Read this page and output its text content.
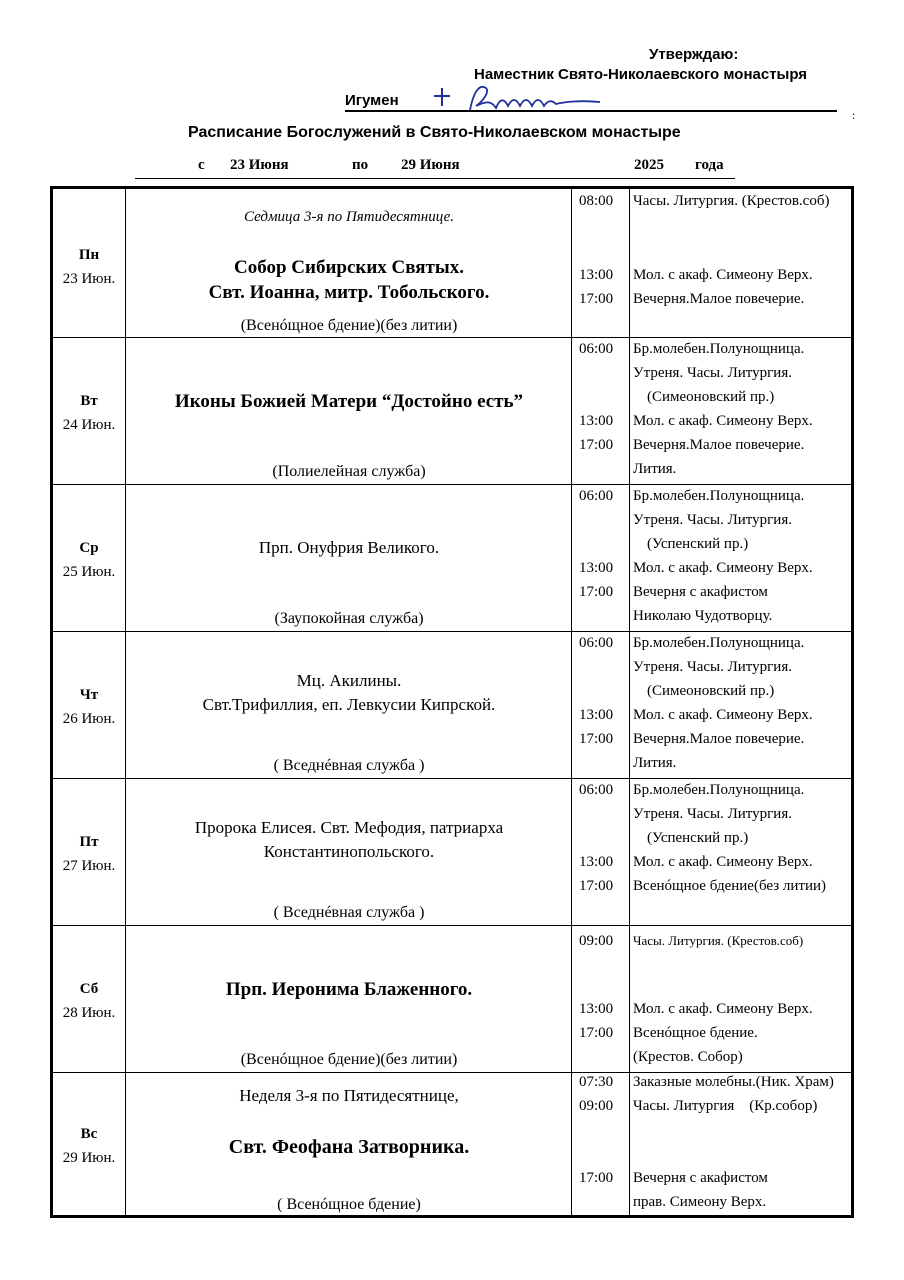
Утверждаю:
Наместник Свято-Николаевского монастыря
Игумен
:
Расписание Богослужений в Свято-Николаевском монастыре
с 23 Июня	по 29 Июня	2025 года
Пн
23 Июн.
Седмица 3-я по Пятидесятнице.
Собор Сибирских Святых.
Свт. Иоанна, митр. Тобольского.
(Всенóщное бдение)(без литии)
08:00	Часы. Литургия. (Крестов.соб)
13:00	Мол. с акаф. Симеону Верх.
17:00	Вечерня.Малое повечерие.
Вт
24 Июн.
Иконы Божией Матери “Достойно есть”
(Полиелейная служба)
06:00	Бр.молебен.Полунощница.
Утреня. Часы. Литургия.
(Симеоновский пр.)
13:00	Мол. с акаф. Симеону Верх.
17:00	Вечерня.Малое повечерие.
Лития.
Ср
25 Июн.
Прп. Онуфрия Великого.
(Заупокойная служба)
06:00	Бр.молебен.Полунощница.
Утреня. Часы. Литургия.
(Успенский пр.)
13:00	Мол. с акаф. Симеону Верх.
17:00	Вечерня с акафистом
Николаю Чудотворцу.
Чт
26 Июн.
Мц. Акилины.
Свт.Трифиллия, еп. Левкусии Кипрской.
( Вседнéвная служба )
06:00	Бр.молебен.Полунощница.
Утреня. Часы. Литургия.
(Симеоновский пр.)
13:00	Мол. с акаф. Симеону Верх.
17:00	Вечерня.Малое повечерие.
Лития.
Пт
27 Июн.
Пророка Елисея. Свт. Мефодия, патриарха
Константинопольского.
( Вседнéвная служба )
06:00	Бр.молебен.Полунощница.
Утреня. Часы. Литургия.
(Успенский пр.)
13:00	Мол. с акаф. Симеону Верх.
17:00	Всенóщное бдение(без литии)
Сб
28 Июн.
Прп. Иеронима Блаженного.
(Всенóщное бдение)(без литии)
09:00	Часы. Литургия. (Крестов.соб)
13:00	Мол. с акаф. Симеону Верх.
17:00	Всенóщное бдение.
(Крестов. Собор)
Вс
29 Июн.
Неделя 3-я по Пятидесятнице,
Свт. Феофана Затворника.
( Всенóщное бдение)
07:30	Заказные молебны.(Ник. Храм)
09:00	Часы. Литургия    (Кр.собор)
17:00	Вечерня с акафистом
прав. Симеону Верх.
